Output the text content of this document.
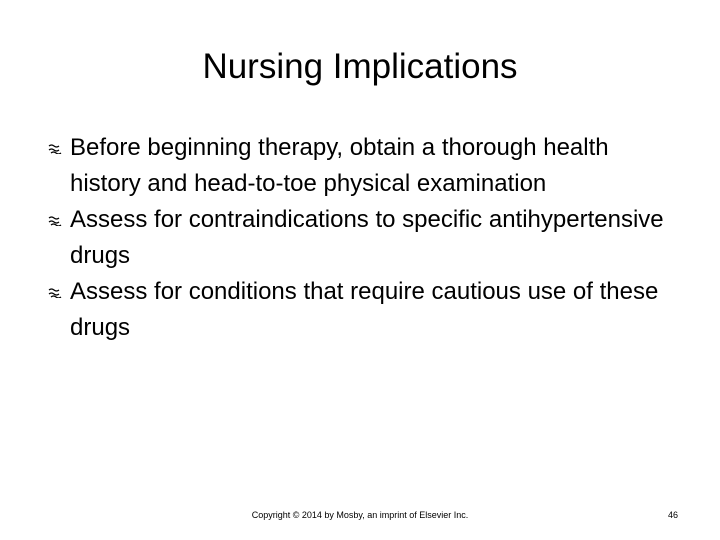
Nursing Implications
Before beginning therapy, obtain a thorough health history and head-to-toe physical examination
Assess for contraindications to specific antihypertensive drugs
Assess for conditions that require cautious use of these drugs
Copyright © 2014 by Mosby, an imprint of Elsevier Inc.	46
